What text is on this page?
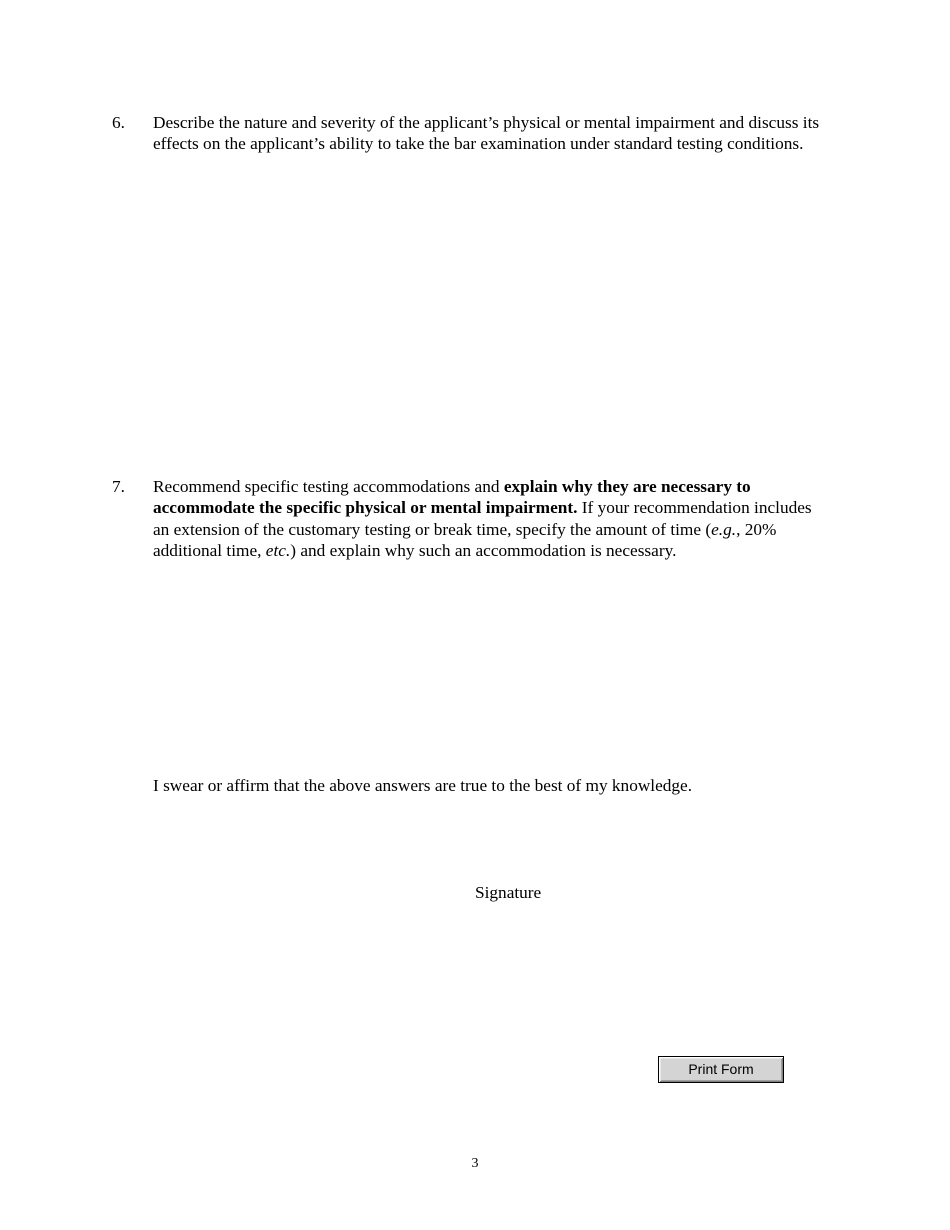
6. Describe the nature and severity of the applicant’s physical or mental impairment and discuss its effects on the applicant’s ability to take the bar examination under standard testing conditions.
7. Recommend specific testing accommodations and explain why they are necessary to accommodate the specific physical or mental impairment. If your recommendation includes an extension of the customary testing or break time, specify the amount of time (e.g., 20% additional time, etc.) and explain why such an accommodation is necessary.
I swear or affirm that the above answers are true to the best of my knowledge.
Signature
Print Form
3
